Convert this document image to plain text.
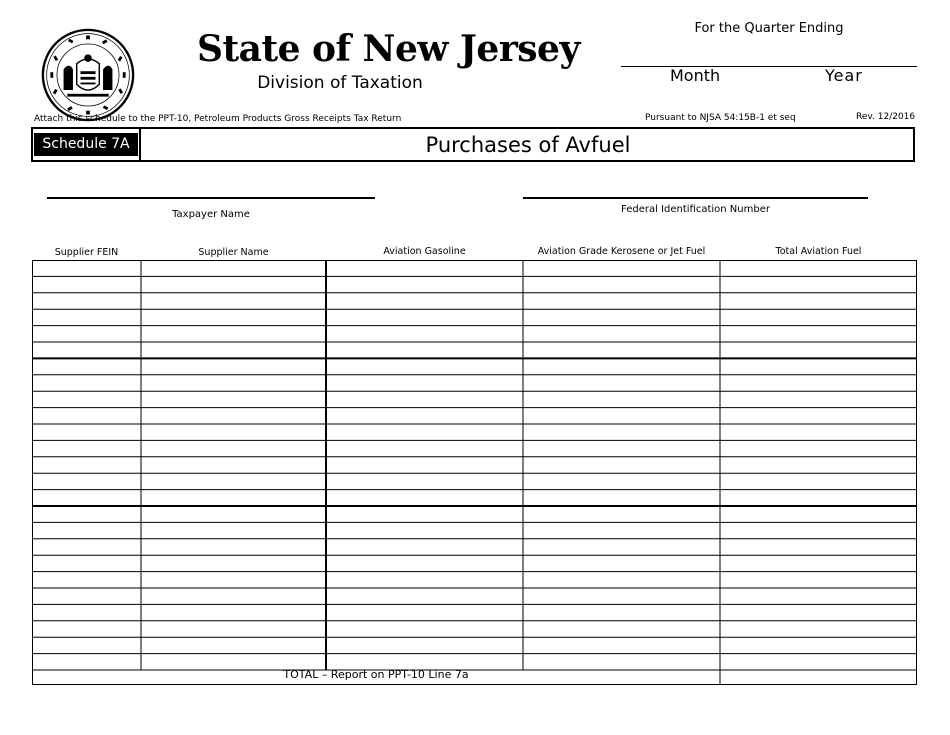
State of New Jersey
Division of Taxation
For the Quarter Ending
Month	Year
Attach this schedule to the PPT-10, Petroleum Products Gross Receipts Tax Return	Pursuant to NJSA 54:15B-1 et seq	Rev. 12/2016
Schedule 7A	Purchases of Avfuel
Taxpayer Name	Federal Identification Number
Supplier FEIN	Supplier Name	Aviation Gasoline	Aviation Grade Kerosene or Jet Fuel	Total Aviation Fuel
TOTAL – Report on PPT-10 Line 7a
